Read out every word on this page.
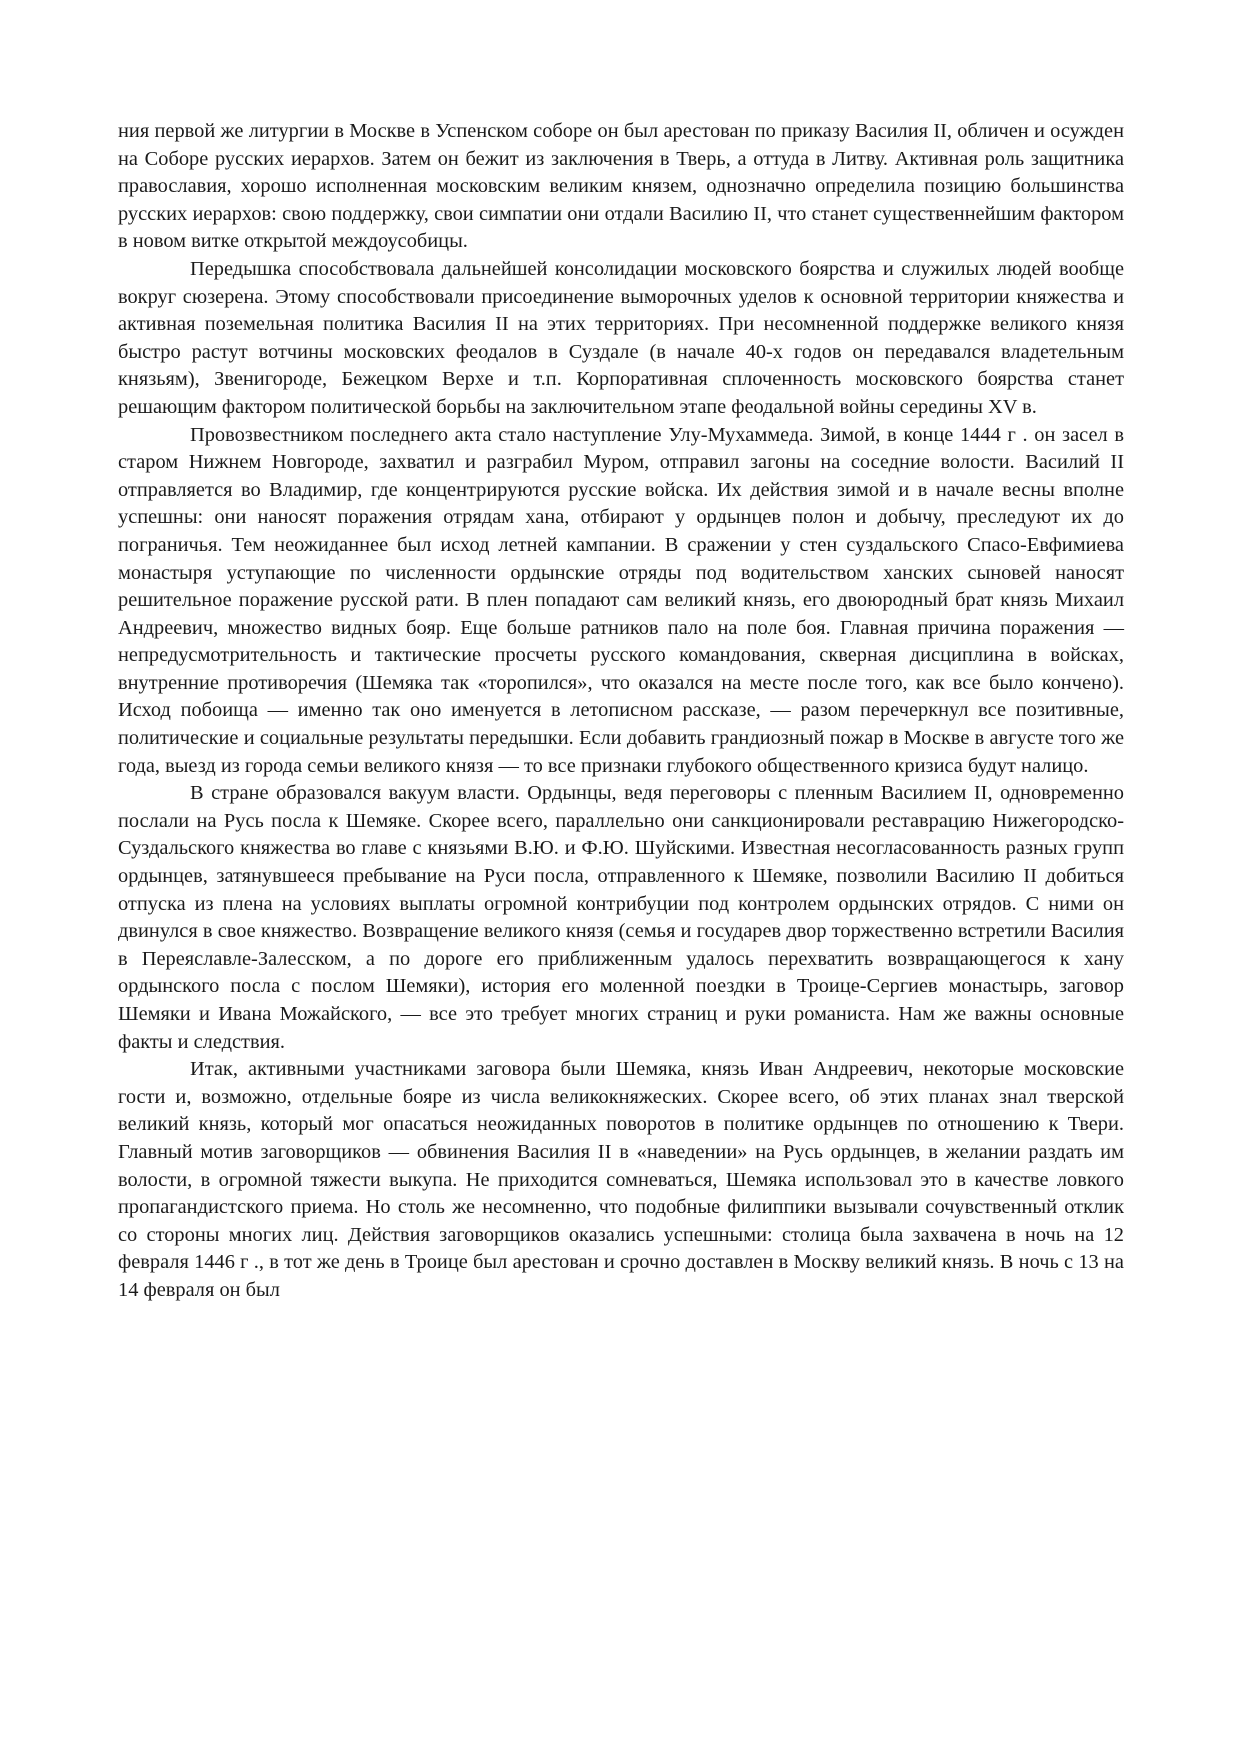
ния первой же литургии в Москве в Успенском соборе он был арестован по приказу Василия II, обличен и осужден на Соборе русских иерархов. Затем он бежит из заключения в Тверь, а оттуда в Литву. Активная роль защитника православия, хорошо исполненная московским великим князем, однозначно определила позицию большинства русских иерархов: свою поддержку, свои симпатии они отдали Василию II, что станет существеннейшим фактором в новом витке открытой междоусобицы.

Передышка способствовала дальнейшей консолидации московского боярства и служилых людей вообще вокруг сюзерена. Этому способствовали присоединение выморочных уделов к основной территории княжества и активная поземельная политика Василия II на этих территориях. При несомненной поддержке великого князя быстро растут вотчины московских феодалов в Суздале (в начале 40-х годов он передавался владетельным князьям), Звенигороде, Бежецком Верхе и т.п. Корпоративная сплоченность московского боярства станет решающим фактором политической борьбы на заключительном этапе феодальной войны середины XV в.

Провозвестником последнего акта стало наступление Улу-Мухаммеда. Зимой, в конце 1444 г . он засел в старом Нижнем Новгороде, захватил и разграбил Муром, отправил загоны на соседние волости. Василий II отправляется во Владимир, где концентрируются русские войска. Их действия зимой и в начале весны вполне успешны: они наносят поражения отрядам хана, отбирают у ордынцев полон и добычу, преследуют их до пограничья. Тем неожиданнее был исход летней кампании. В сражении у стен суздальского Спасо-Евфимиева монастыря уступающие по численности ордынские отряды под водительством ханских сыновей наносят решительное поражение русской рати. В плен попадают сам великий князь, его двоюродный брат князь Михаил Андреевич, множество видных бояр. Еще больше ратников пало на поле боя. Главная причина поражения — непредусмотрительность и тактические просчеты русского командования, скверная дисциплина в войсках, внутренние противоречия (Шемяка так «торопился», что оказался на месте после того, как все было кончено). Исход побоища — именно так оно именуется в летописном рассказе, — разом перечеркнул все позитивные, политические и социальные результаты передышки. Если добавить грандиозный пожар в Москве в августе того же года, выезд из города семьи великого князя — то все признаки глубокого общественного кризиса будут налицо.

В стране образовался вакуум власти. Ордынцы, ведя переговоры с пленным Василием II, одновременно послали на Русь посла к Шемяке. Скорее всего, параллельно они санкционировали реставрацию Нижегородско-Суздальского княжества во главе с князьями В.Ю. и Ф.Ю. Шуйскими. Известная несогласованность разных групп ордынцев, затянувшееся пребывание на Руси посла, отправленного к Шемяке, позволили Василию II добиться отпуска из плена на условиях выплаты огромной контрибуции под контролем ордынских отрядов. С ними он двинулся в свое княжество. Возвращение великого князя (семья и государев двор торжественно встретили Василия в Переяславле-Залесском, а по дороге его приближенным удалось перехватить возвращающегося к хану ордынского посла с послом Шемяки), история его моленной поездки в Троице-Сергиев монастырь, заговор Шемяки и Ивана Можайского, — все это требует многих страниц и руки романиста. Нам же важны основные факты и следствия.

Итак, активными участниками заговора были Шемяка, князь Иван Андреевич, некоторые московские гости и, возможно, отдельные бояре из числа великокняжеских. Скорее всего, об этих планах знал тверской великий князь, который мог опасаться неожиданных поворотов в политике ордынцев по отношению к Твери. Главный мотив заговорщиков — обвинения Василия II в «наведении» на Русь ордынцев, в желании раздать им волости, в огромной тяжести выкупа. Не приходится сомневаться, Шемяка использовал это в качестве ловкого пропагандистского приема. Но столь же несомненно, что подобные филиппики вызывали сочувственный отклик со стороны многих лиц. Действия заговорщиков оказались успешными: столица была захвачена в ночь на 12 февраля 1446 г ., в тот же день в Троице был арестован и срочно доставлен в Москву великий князь. В ночь с 13 на 14 февраля он был
